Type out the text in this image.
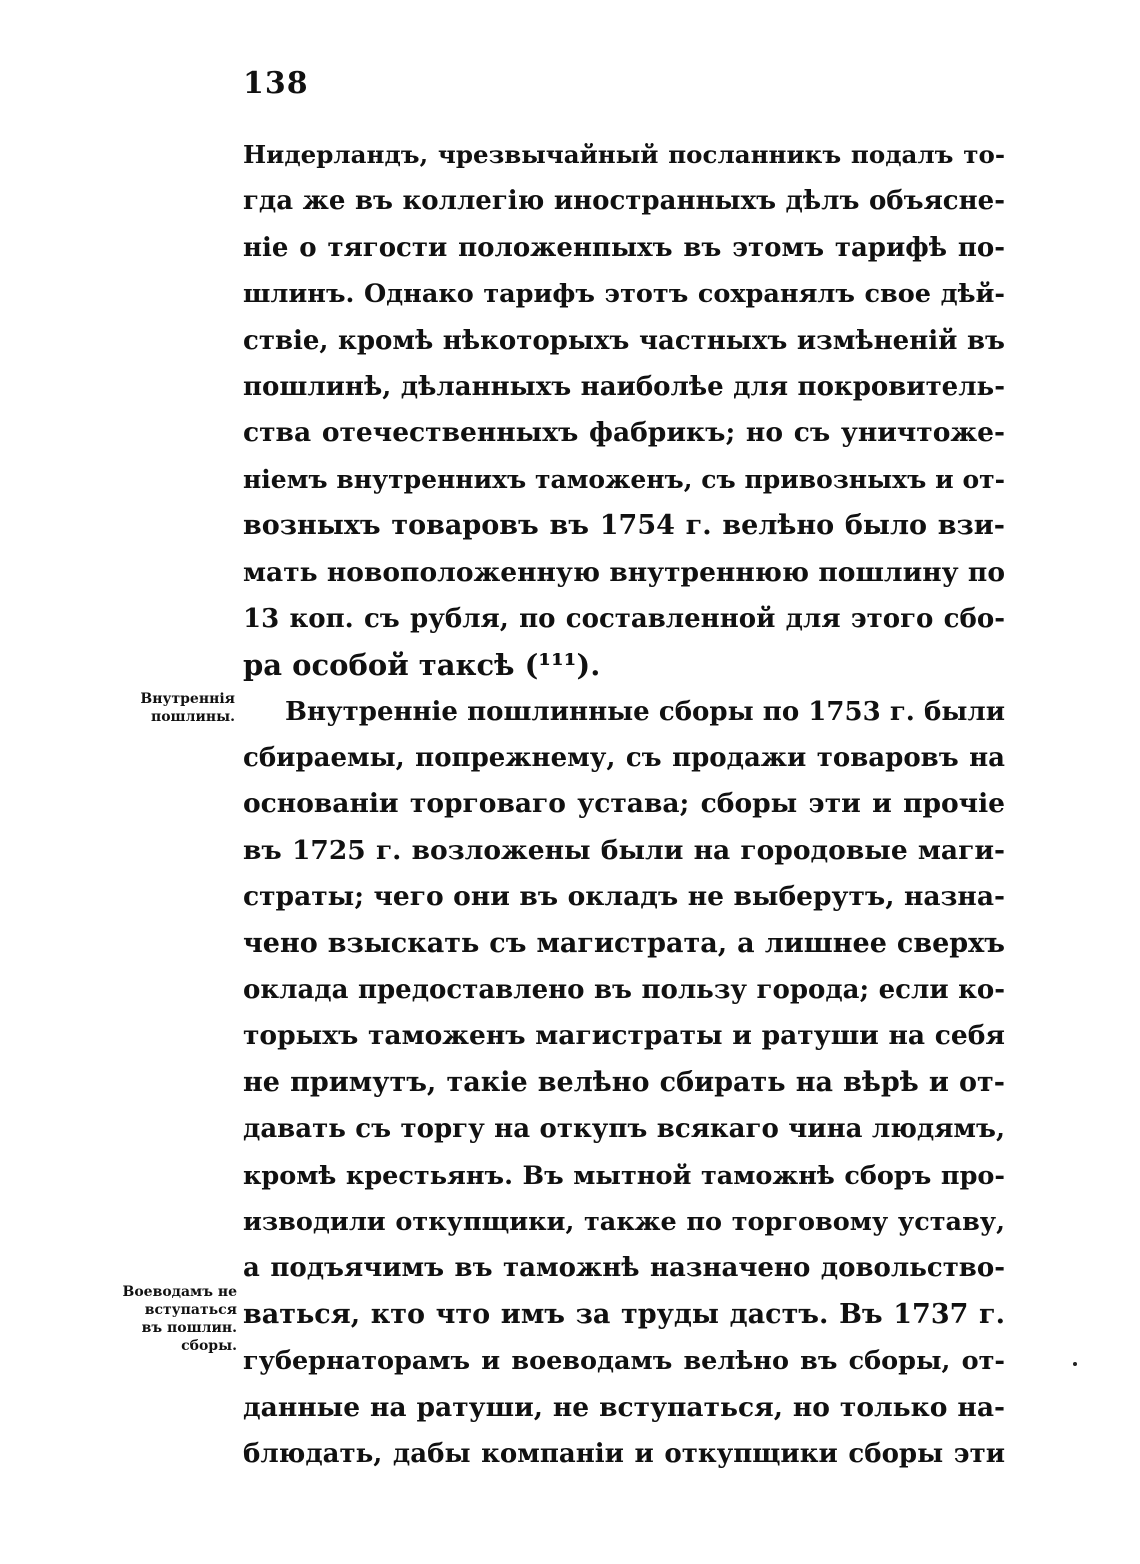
138
Нидерландъ, чрезвычайный посланникъ подалъ то-
гда же въ коллегію иностранныхъ дѣлъ объясне-
ніе о тягости положенпыхъ въ этомъ тарифѣ по-
шлинъ. Однако тарифъ этотъ сохранялъ свое дѣй-
ствіе, кромѣ нѣкоторыхъ частныхъ измѣненій въ
пошлинѣ, дѣланныхъ наиболѣе для покровитель-
ства отечественныхъ фабрикъ; но съ уничтоже-
ніемъ внутреннихъ таможенъ, съ привозныхъ и от-
возныхъ товаровъ въ 1754 г. велѣно было взи-
мать новоположенную внутреннюю пошлину по
13 коп. съ рубля, по составленной для этого сбо-
ра особой таксѣ (¹¹¹).
Внутренніе пошлинные сборы по 1753 г. были
сбираемы, попрежнему, съ продажи товаровъ на
основаніи торговаго устава; сборы эти и прочіе
въ 1725 г. возложены были на городовые маги-
страты; чего они въ окладъ не выберутъ, назна-
чено взыскать съ магистрата, а лишнее сверхъ
оклада предоставлено въ пользу города; если ко-
торыхъ таможенъ магистраты и ратуши на себя
не примутъ, такіе велѣно сбирать на вѣрѣ и от-
давать съ торгу на откупъ всякаго чина людямъ,
кромѣ крестьянъ. Въ мытной таможнѣ сборъ про-
изводили откупщики, также по торговому уставу,
а подъячимъ въ таможнѣ назначено довольство-
ваться, кто что имъ за труды дастъ. Въ 1737 г.
губернаторамъ и воеводамъ велѣно въ сборы, от-
данные на ратуши, не вступаться, но только на-
блюдать, дабы компаніи и откупщики сборы эти
Внутреннія
пошлины.
Воеводамъ не
вступаться
въ пошлин.
сборы.
